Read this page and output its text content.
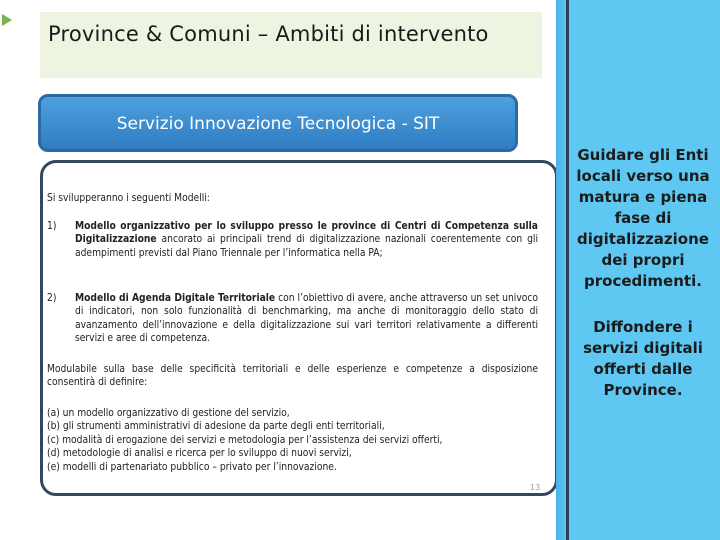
Province & Comuni – Ambiti di intervento
Servizio Innovazione Tecnologica - SIT
Si svilupperanno i seguenti Modelli:
1) Modello organizzativo per lo sviluppo presso le province di Centri di Competenza sulla Digitalizzazione ancorato ai principali trend di digitalizzazione nazionali coerentemente con gli adempimenti previsti dal Piano Triennale per l’informatica nella PA;
2) Modello di Agenda Digitale Territoriale con l’obiettivo di avere, anche attraverso un set univoco di indicatori, non solo funzionalità di benchmarking, ma anche di monitoraggio dello stato di avanzamento dell’innovazione e della digitalizzazione sui vari territori relativamente a differenti servizi e aree di competenza.
Modulabile sulla base delle specificità territoriali e delle esperienze e competenze a disposizione consentirà di definire:
(a) un modello organizzativo di gestione del servizio,
(b) gli strumenti amministrativi di adesione da parte degli enti territoriali,
(c) modalità di erogazione dei servizi e metodologia per l’assistenza dei servizi offerti,
(d) metodologie di analisi e ricerca per lo sviluppo di nuovi servizi,
(e) modelli di partenariato pubblico – privato per l’innovazione.
13
Guidare gli Enti locali verso una matura e piena fase di digitalizzazione dei propri procedimenti.
Diffondere i servizi digitali offerti dalle Province.
